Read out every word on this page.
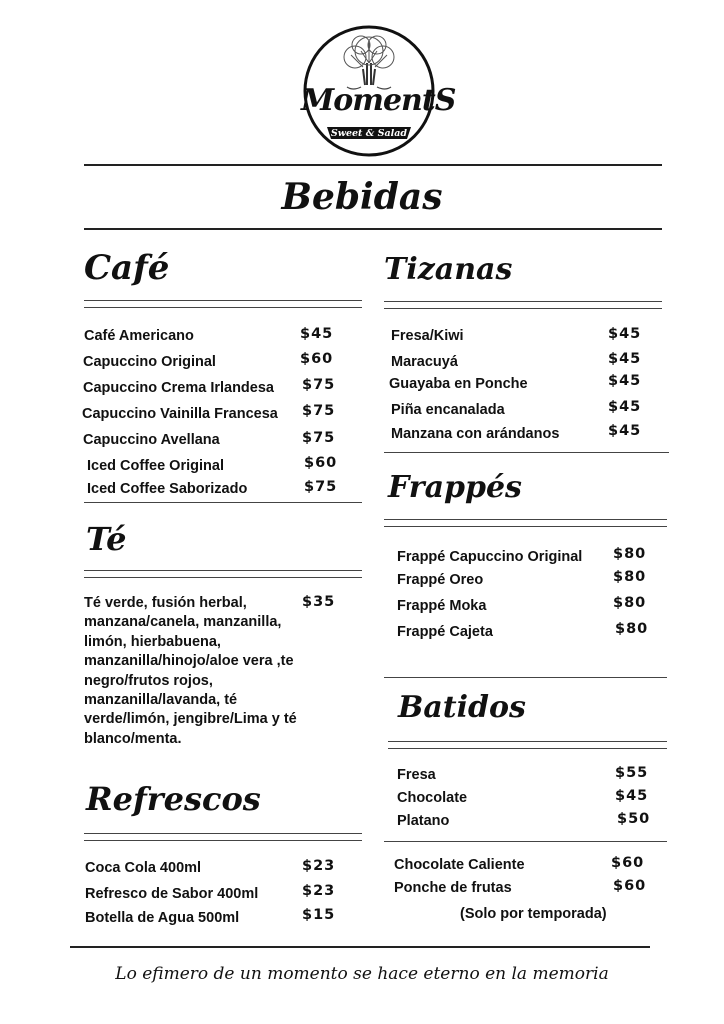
MomentS
Sweet & Salad
Bebidas
Café
Café Americano	$45
Capuccino Original	$60
Capuccino Crema Irlandesa $75
Capuccino Vainilla Francesa $75
Capuccino Avellana	$75
Iced Coffee Original	$60
Iced Coffee Saborizado	$75
Té
Té verde, fusión herbal, manzana/canela, manzanilla, limón, hierbabuena, manzanilla/hinojo/aloe vera ,te negro/frutos rojos, manzanilla/lavanda, té verde/limón, jengibre/Lima y té blanco/menta.
$35
Refrescos
Coca Cola 400ml	$23
Refresco de Sabor 400ml	$23
Botella de Agua 500ml	$15
Tizanas
Fresa/Kiwi	$45
Maracuyá	$45
Guayaba en Ponche	$45
Piña encanalada	$45
Manzana con arándanos	$45
Frappés
Frappé Capuccino Original $80
Frappé Oreo	$80
Frappé Moka	$80
Frappé Cajeta	$80
Batidos
Fresa	$55
Chocolate	$45
Platano	$50
Chocolate Caliente	$60
Ponche de frutas	$60
(Solo por temporada)
Lo efimero de un momento se hace eterno en la memoria
